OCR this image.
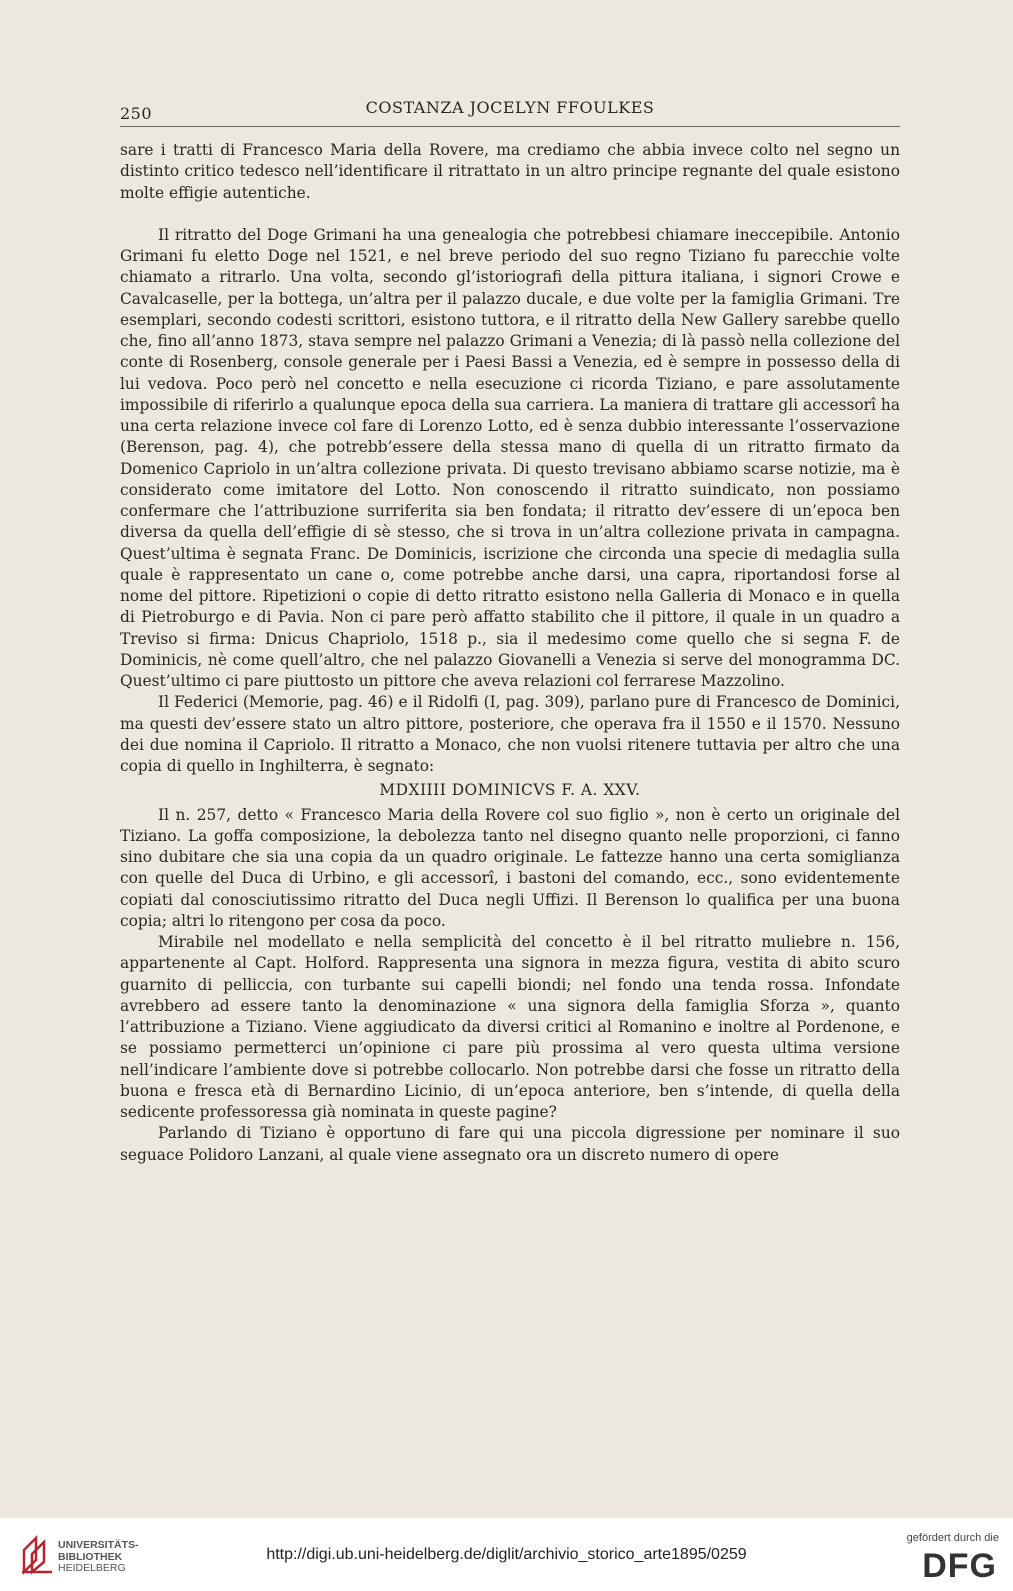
250	COSTANZA JOCELYN FFOULKES

sare i tratti di Francesco Maria della Rovere, ma crediamo che abbia invece colto nel segno un distinto critico tedesco nell’identificare il ritrattato in un altro principe regnante del quale esistono molte effigie autentiche.

Il ritratto del Doge Grimani ha una genealogia che potrebbesi chiamare ineccepibile. Antonio Grimani fu eletto Doge nel 1521, e nel breve periodo del suo regno Tiziano fu parecchie volte chiamato a ritrarlo. Una volta, secondo gl’istoriografi della pittura italiana, i signori Crowe e Cavalcaselle, per la bottega, un’altra per il palazzo ducale, e due volte per la famiglia Grimani. Tre esemplari, secondo codesti scrittori, esistono tuttora, e il ritratto della New Gallery sarebbe quello che, fino all’anno 1873, stava sempre nel palazzo Grimani a Venezia; di là passò nella collezione del conte di Rosenberg, console generale per i Paesi Bassi a Venezia, ed è sempre in possesso della di lui vedova. Poco però nel concetto e nella esecuzione ci ricorda Tiziano, e pare assolutamente impossibile di riferirlo a qualunque epoca della sua carriera. La maniera di trattare gli accessorî ha una certa relazione invece col fare di Lorenzo Lotto, ed è senza dubbio interessante l’osservazione (Berenson, pag. 4), che potrebb’essere della stessa mano di quella di un ritratto firmato da Domenico Capriolo in un’altra collezione privata. Di questo trevisano abbiamo scarse notizie, ma è considerato come imitatore del Lotto. Non conoscendo il ritratto suindicato, non possiamo confermare che l’attribuzione surriferita sia ben fondata; il ritratto dev’essere di un’epoca ben diversa da quella dell’effigie di sè stesso, che si trova in un’altra collezione privata in campagna. Quest’ultima è segnata Franc. De Dominicis, iscrizione che circonda una specie di medaglia sulla quale è rappresentato un cane o, come potrebbe anche darsi, una capra, riportandosi forse al nome del pittore. Ripetizioni o copie di detto ritratto esistono nella Galleria di Monaco e in quella di Pietroburgo e di Pavia. Non ci pare però affatto stabilito che il pittore, il quale in un quadro a Treviso si firma: Dnicus Chapriolo, 1518 p., sia il medesimo come quello che si segna F. de Dominicis, nè come quell’altro, che nel palazzo Giovanelli a Venezia si serve del monogramma DC. Quest’ultimo ci pare piuttosto un pittore che aveva relazioni col ferrarese Mazzolino.

Il Federici (Memorie, pag. 46) e il Ridolfi (I, pag. 309), parlano pure di Francesco de Dominici, ma questi dev’essere stato un altro pittore, posteriore, che operava fra il 1550 e il 1570. Nessuno dei due nomina il Capriolo. Il ritratto a Monaco, che non vuolsi ritenere tuttavia per altro che una copia di quello in Inghilterra, è segnato:

MDXIIII DOMINICVS F. A. XXV.

Il n. 257, detto « Francesco Maria della Rovere col suo figlio », non è certo un originale del Tiziano. La goffa composizione, la debolezza tanto nel disegno quanto nelle proporzioni, ci fanno sino dubitare che sia una copia da un quadro originale. Le fattezze hanno una certa somiglianza con quelle del Duca di Urbino, e gli accessorî, i bastoni del comando, ecc., sono evidentemente copiati dal conosciutissimo ritratto del Duca negli Uffizi. Il Berenson lo qualifica per una buona copia; altri lo ritengono per cosa da poco.

Mirabile nel modellato e nella semplicità del concetto è il bel ritratto muliebre n. 156, appartenente al Capt. Holford. Rappresenta una signora in mezza figura, vestita di abito scuro guarnito di pelliccia, con turbante sui capelli biondi; nel fondo una tenda rossa. Infondate avrebbero ad essere tanto la denominazione « una signora della famiglia Sforza », quanto l’attribuzione a Tiziano. Viene aggiudicato da diversi critici al Romanino e inoltre al Pordenone, e se possiamo permetterci un’opinione ci pare più prossima al vero questa ultima versione nell’indicare l’ambiente dove si potrebbe collocarlo. Non potrebbe darsi che fosse un ritratto della buona e fresca età di Bernardino Licinio, di un’epoca anteriore, ben s’intende, di quella della sedicente professoressa già nominata in queste pagine?

Parlando di Tiziano è opportuno di fare qui una piccola digressione per nominare il suo seguace Polidoro Lanzani, al quale viene assegnato ora un discreto numero di opere

UNIVERSITÄTS-
BIBLIOTHEK
HEIDELBERG
http://digi.ub.uni-heidelberg.de/diglit/archivio_storico_arte1895/0259
gefördert durch die
DFG
